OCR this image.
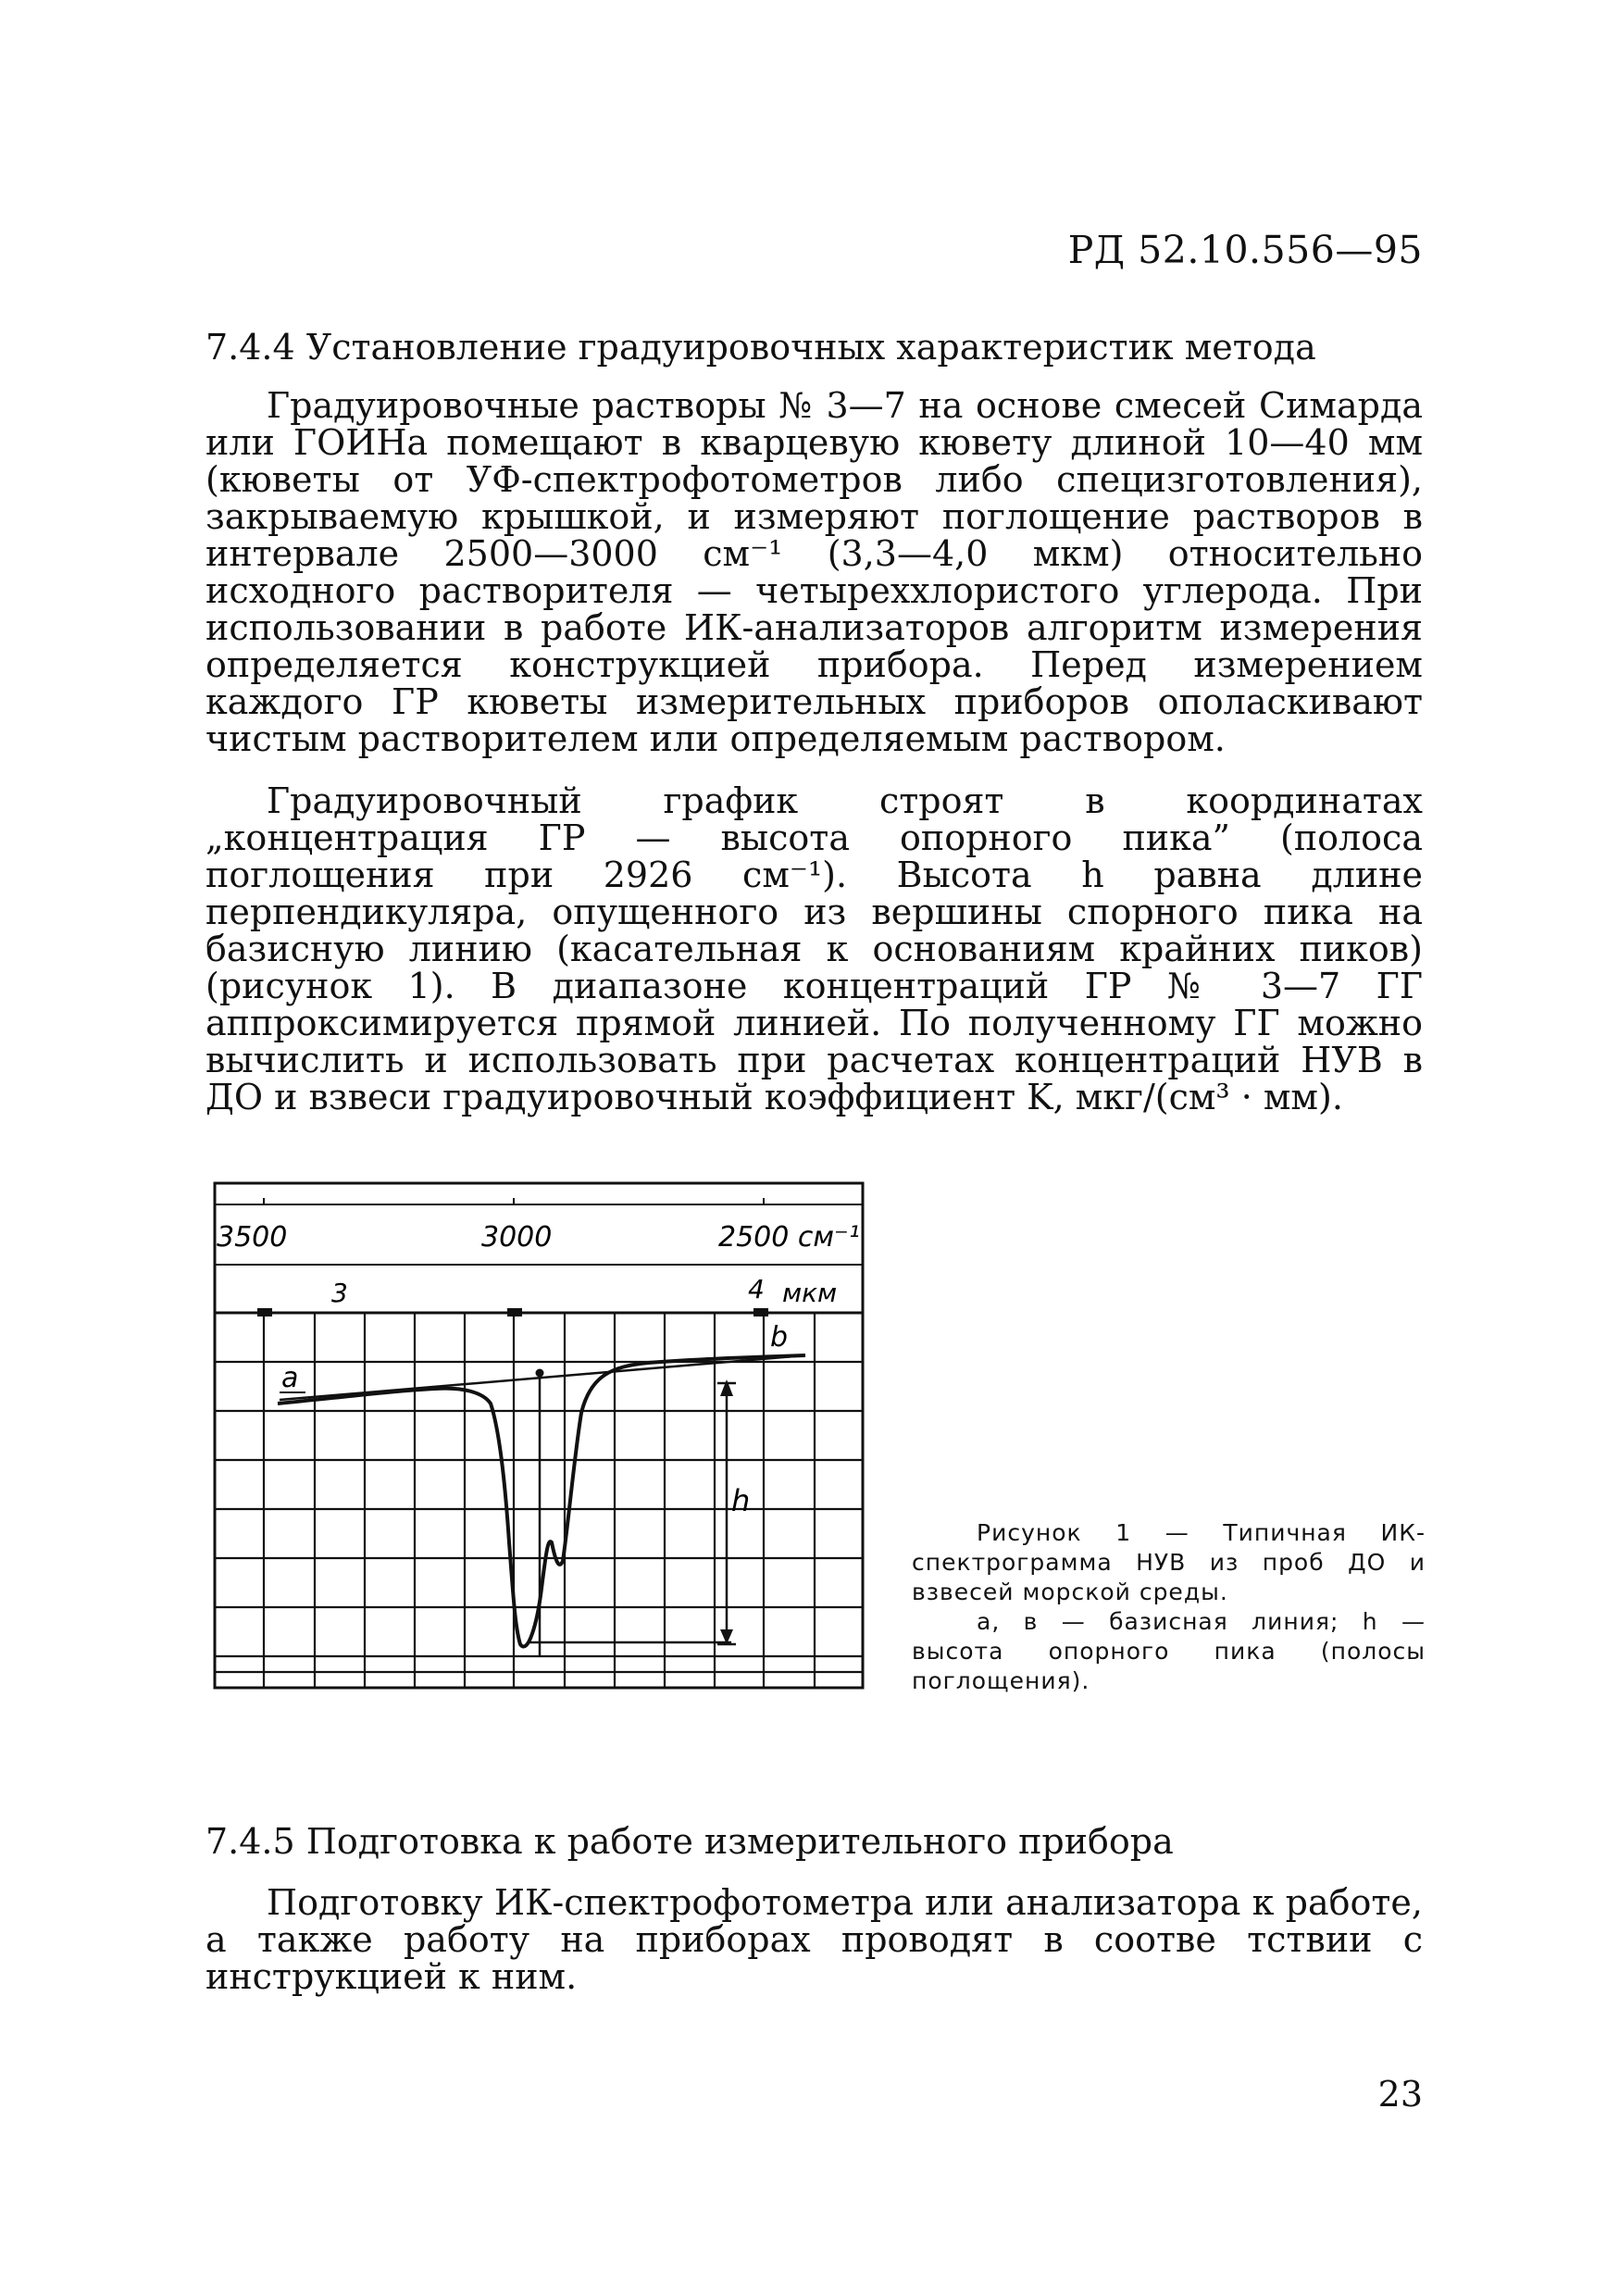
РД 52.10.556—95
7.4.4 Установление градуировочных характеристик метода

Градуировочные растворы № 3—7 на основе смесей Симарда или ГОИНа помещают в кварцевую кювету длиной 10—40 мм (кюветы от УФ-спектрофотометров либо специзготовления), закрываемую крышкой, и измеряют поглощение растворов в интервале 2500—3000 см⁻¹ (3,3—4,0 мкм) относительно исходного растворителя — четыреххлористого углерода. При использовании в работе ИК-анализаторов алгоритм измерения определяется конструкцией прибора. Перед измерением каждого ГР кюветы измерительных приборов ополаскивают чистым растворителем или определяемым раствором.

Градуировочный график строят в координатах „концентрация ГР — высота опорного пика” (полоса поглощения при 2926 см⁻¹). Высота h равна длине перпендикуляра, опущенного из вершины спорного пика на базисную линию (касательная к основаниям крайних пиков) (рисунок 1). В диапазоне концентраций ГР № 3—7 ГГ аппроксимируется прямой линией. По полученному ГГ можно вычислить и использовать при расчетах концентраций НУВ в ДО и взвеси градуировочный коэффициент K, мкг/(см³ · мм).

3500	3000	2500 см⁻¹
3	4 мкм
a
b
h

Рисунок 1 — Типичная ИК-спектрограмма НУВ из проб ДО и взвесей морской среды.

a, в — базисная линия; h — высота опорного пика (полосы поглощения).

7.4.5 Подготовка к работе измерительного прибора

Подготовку ИК-спектрофотометра или анализатора к работе, а также работу на приборах проводят в соотве тствии с инструкцией к ним.

23
